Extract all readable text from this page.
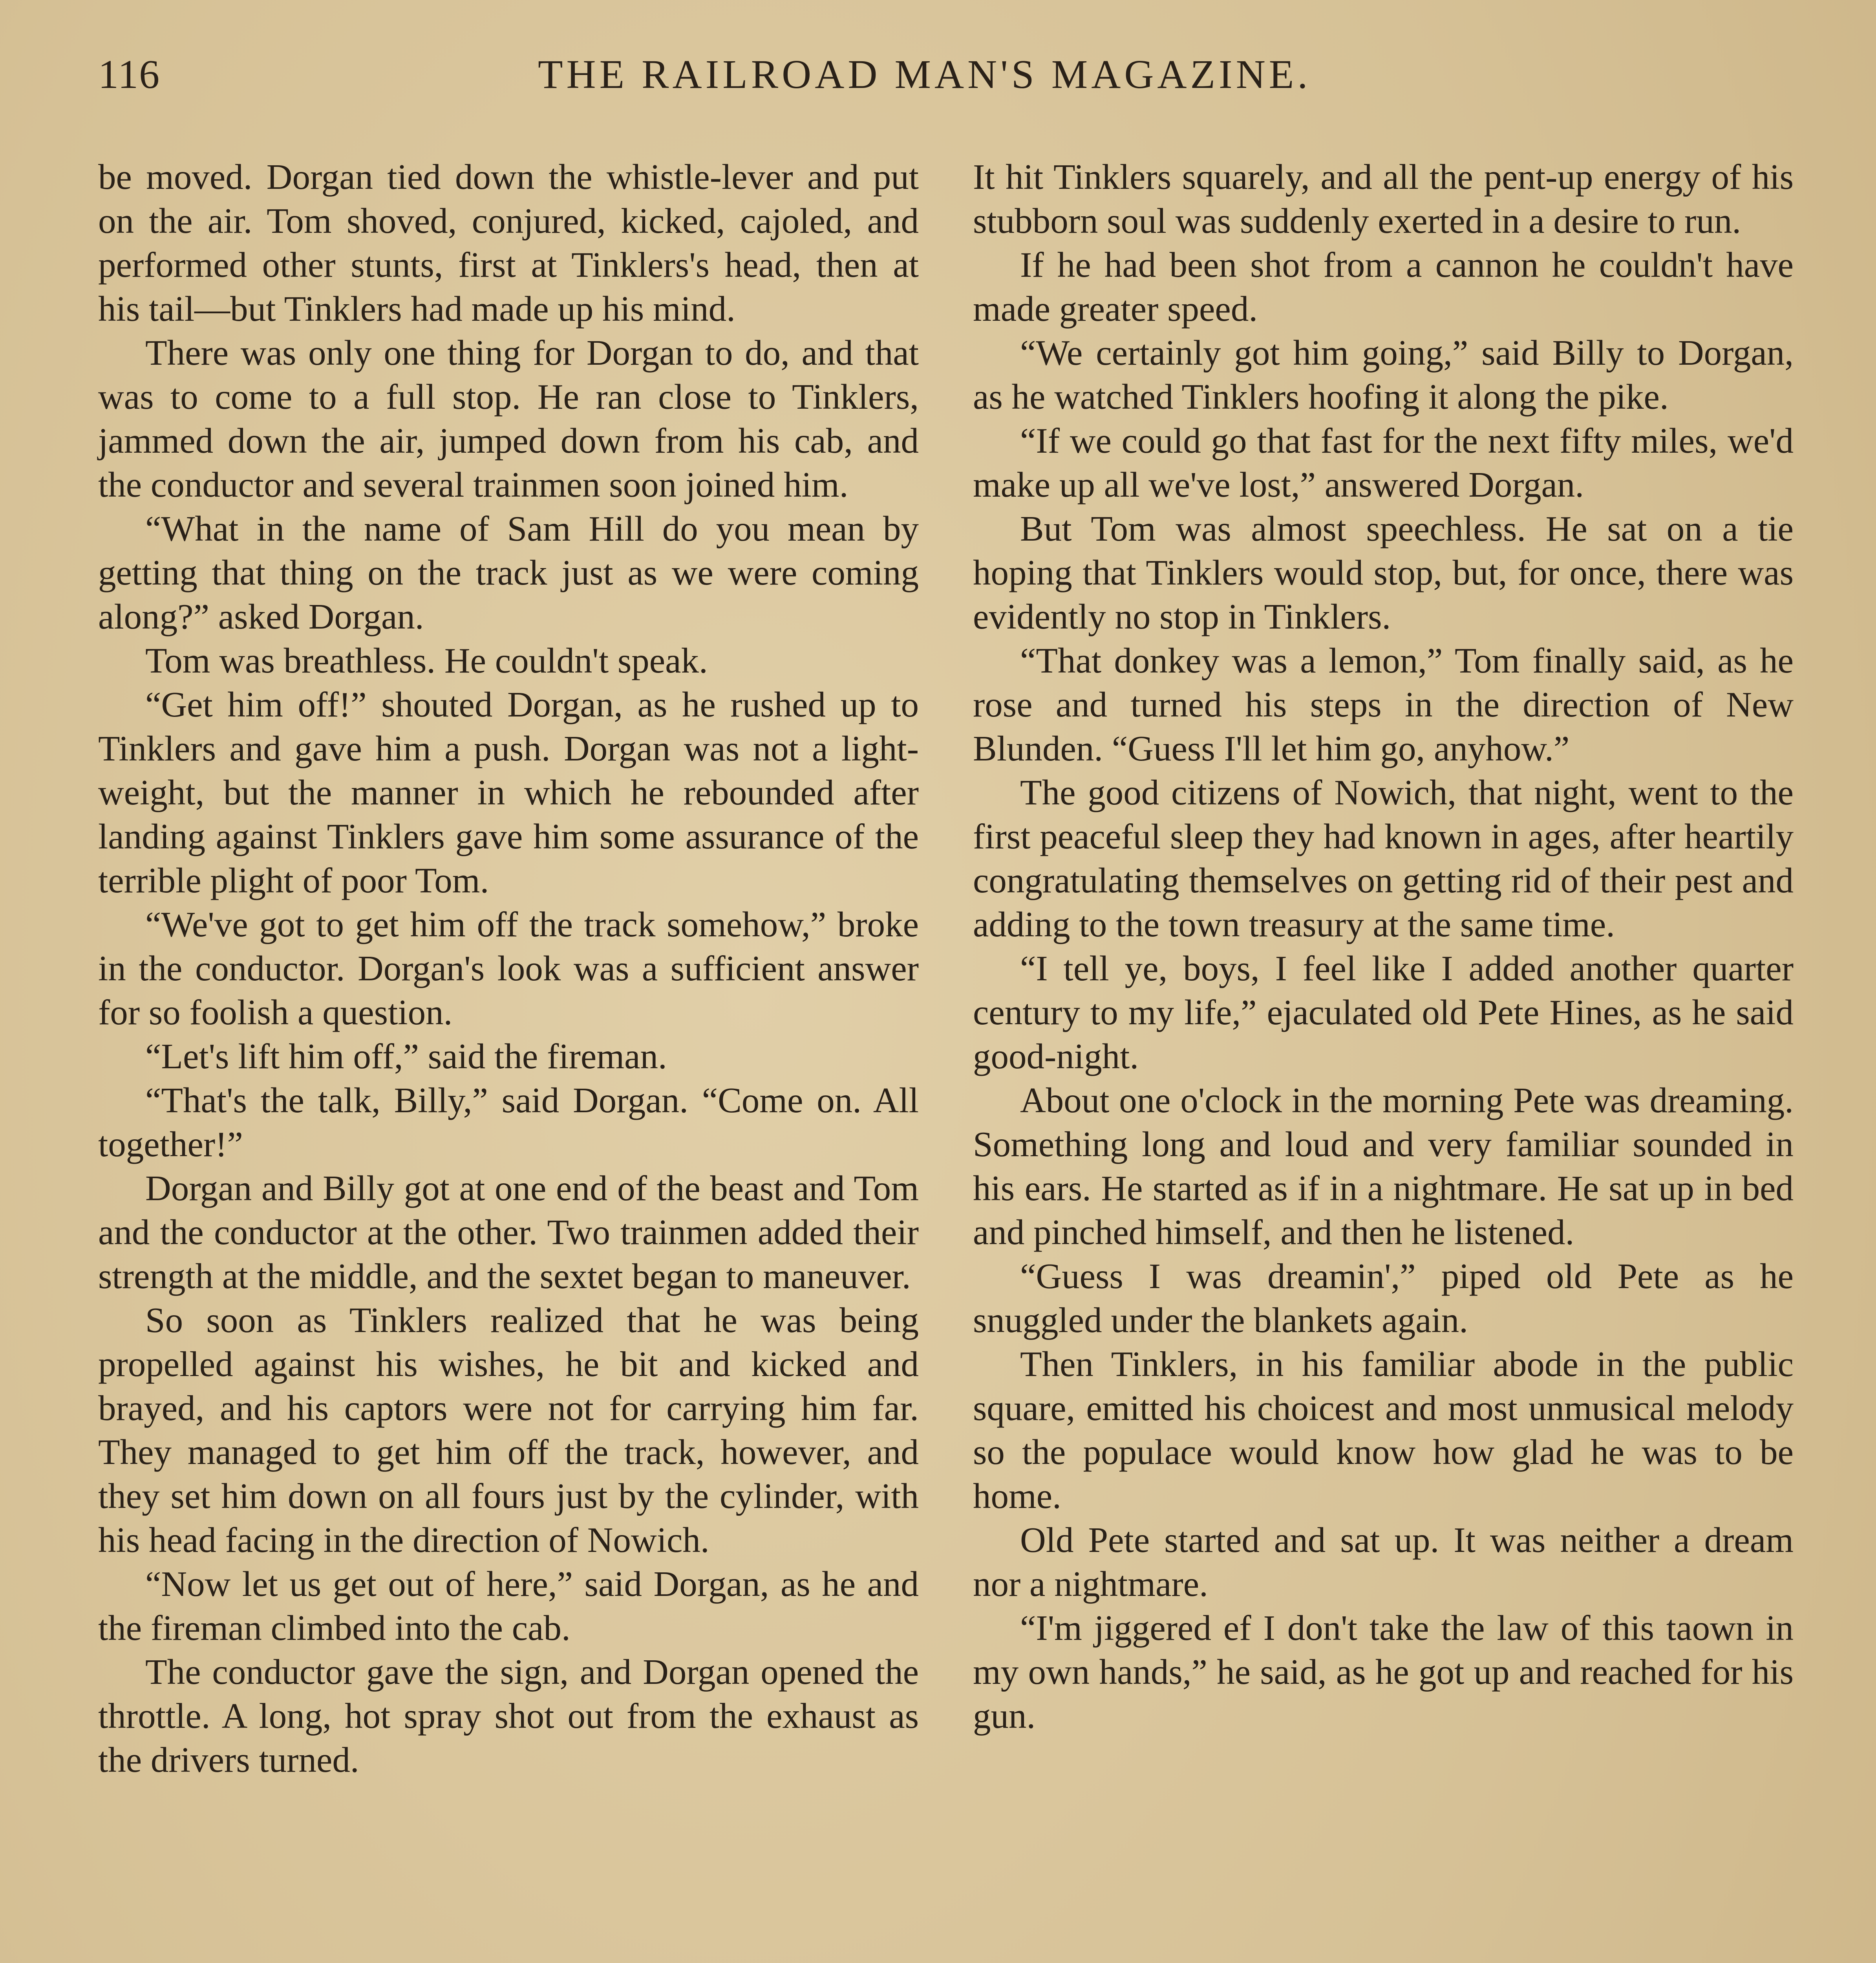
116	THE RAILROAD MAN'S MAGAZINE.

be moved. Dorgan tied down the whistle-lever and put on the air. Tom shoved, conjured, kicked, cajoled, and performed other stunts, first at Tinklers's head, then at his tail—but Tinklers had made up his mind.

There was only one thing for Dorgan to do, and that was to come to a full stop. He ran close to Tinklers, jammed down the air, jumped down from his cab, and the conductor and several trainmen soon joined him.

“What in the name of Sam Hill do you mean by getting that thing on the track just as we were coming along?” asked Dorgan.

Tom was breathless. He couldn't speak.

“Get him off!” shouted Dorgan, as he rushed up to Tinklers and gave him a push. Dorgan was not a light-weight, but the manner in which he rebounded after landing against Tinklers gave him some assurance of the terrible plight of poor Tom.

“We've got to get him off the track somehow,” broke in the conductor. Dorgan's look was a sufficient answer for so foolish a question.

“Let's lift him off,” said the fireman.

“That's the talk, Billy,” said Dorgan. “Come on. All together!”

Dorgan and Billy got at one end of the beast and Tom and the conductor at the other. Two trainmen added their strength at the middle, and the sextet began to maneuver.

So soon as Tinklers realized that he was being propelled against his wishes, he bit and kicked and brayed, and his captors were not for carrying him far. They managed to get him off the track, however, and they set him down on all fours just by the cylinder, with his head facing in the direction of Nowich.

“Now let us get out of here,” said Dorgan, as he and the fireman climbed into the cab.

The conductor gave the sign, and Dorgan opened the throttle. A long, hot spray shot out from the exhaust as the drivers turned.

It hit Tinklers squarely, and all the pent-up energy of his stubborn soul was suddenly exerted in a desire to run.

If he had been shot from a cannon he couldn't have made greater speed.

“We certainly got him going,” said Billy to Dorgan, as he watched Tinklers hoofing it along the pike.

“If we could go that fast for the next fifty miles, we'd make up all we've lost,” answered Dorgan.

But Tom was almost speechless. He sat on a tie hoping that Tinklers would stop, but, for once, there was evidently no stop in Tinklers.

“That donkey was a lemon,” Tom finally said, as he rose and turned his steps in the direction of New Blunden. “Guess I'll let him go, anyhow.”

The good citizens of Nowich, that night, went to the first peaceful sleep they had known in ages, after heartily congratulating themselves on getting rid of their pest and adding to the town treasury at the same time.

“I tell ye, boys, I feel like I added another quarter century to my life,” ejaculated old Pete Hines, as he said good-night.

About one o'clock in the morning Pete was dreaming. Something long and loud and very familiar sounded in his ears. He started as if in a nightmare. He sat up in bed and pinched himself, and then he listened.

“Guess I was dreamin',” piped old Pete as he snuggled under the blankets again.

Then Tinklers, in his familiar abode in the public square, emitted his choicest and most unmusical melody so the populace would know how glad he was to be home.

Old Pete started and sat up. It was neither a dream nor a nightmare.

“I'm jiggered ef I don't take the law of this taown in my own hands,” he said, as he got up and reached for his gun.
